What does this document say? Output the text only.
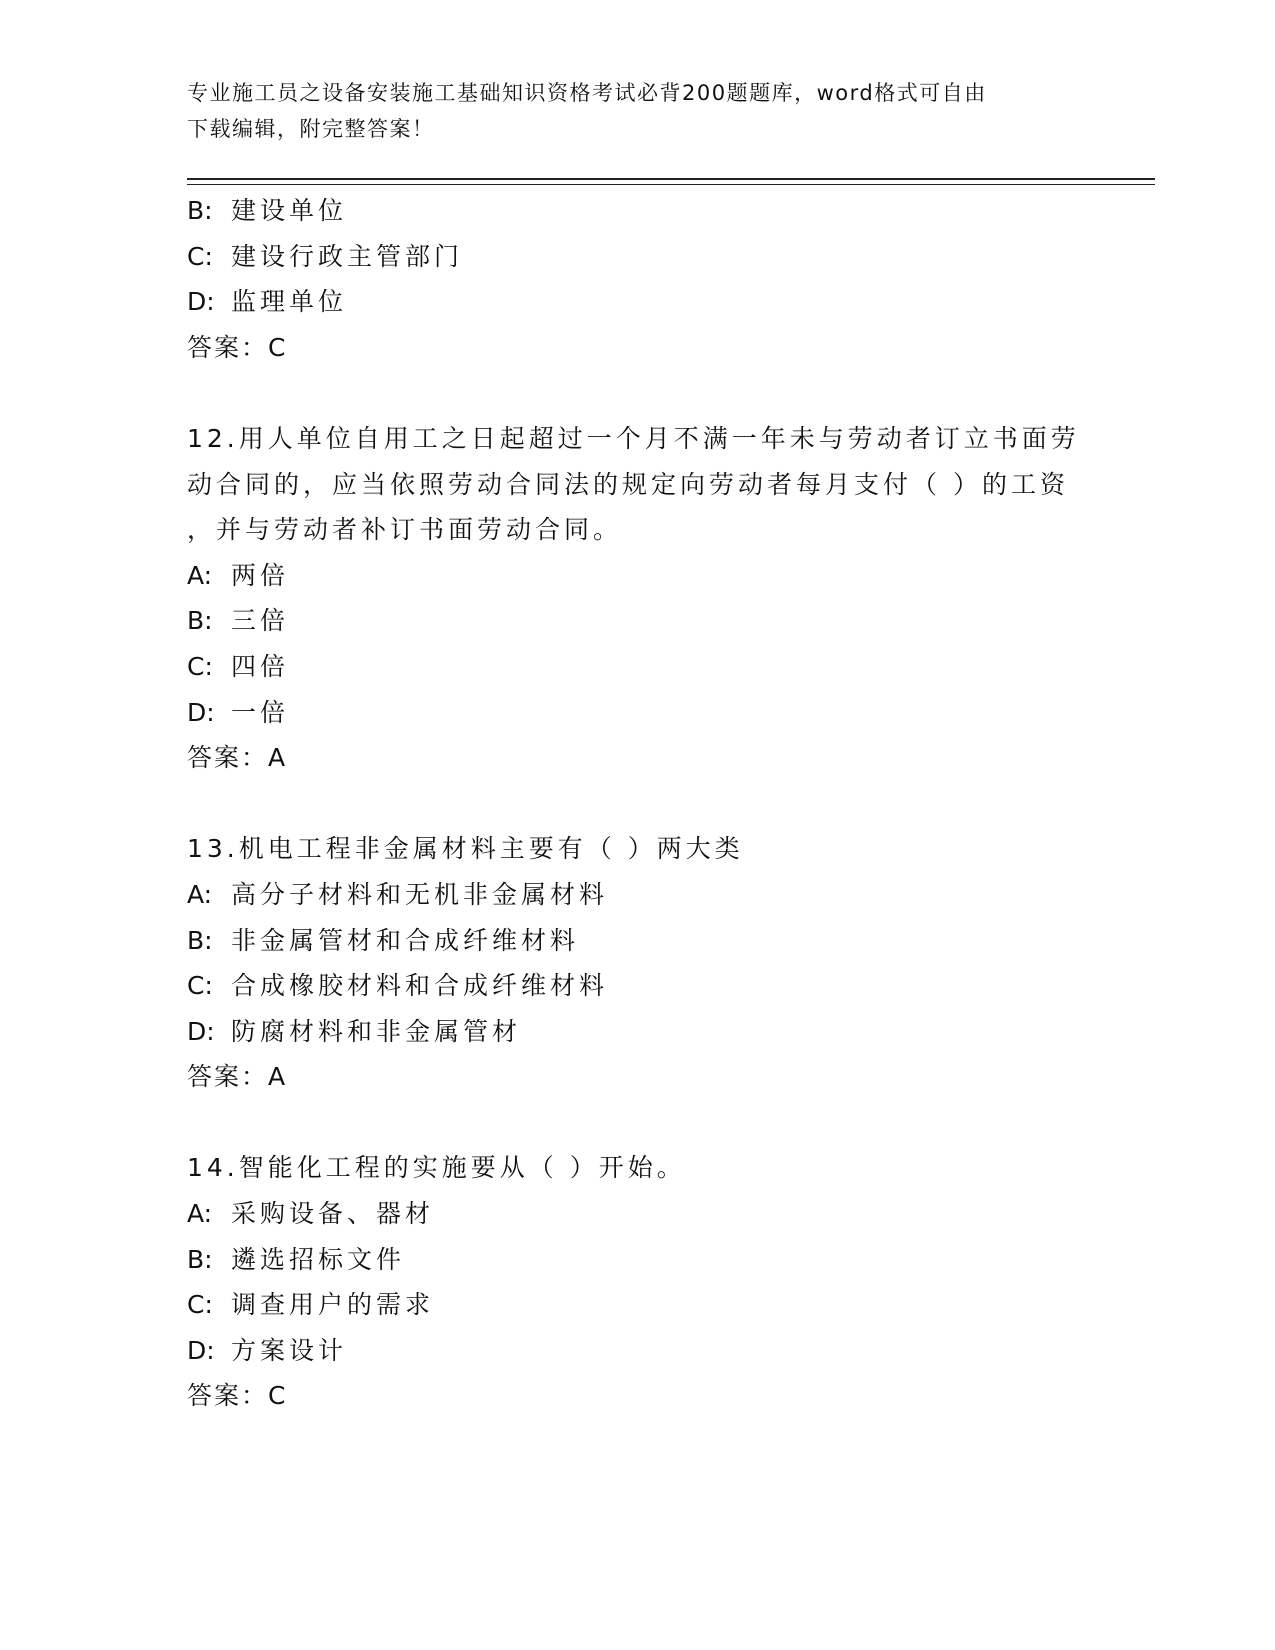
专业施工员之设备安装施工基础知识资格考试必背200题题库，word格式可自由
下载编辑，附完整答案！
B: 建设单位
C: 建设行政主管部门
D: 监理单位
答案：C
12.用人单位自用工之日起超过一个月不满一年未与劳动者订立书面劳
动合同的，应当依照劳动合同法的规定向劳动者每月支付（ ）的工资
，并与劳动者补订书面劳动合同。
A: 两倍
B: 三倍
C: 四倍
D: 一倍
答案：A
13.机电工程非金属材料主要有（ ）两大类
A: 高分子材料和无机非金属材料
B: 非金属管材和合成纤维材料
C: 合成橡胶材料和合成纤维材料
D: 防腐材料和非金属管材
答案：A
14.智能化工程的实施要从（ ）开始。
A: 采购设备、器材
B: 遴选招标文件
C: 调查用户的需求
D: 方案设计
答案：C
